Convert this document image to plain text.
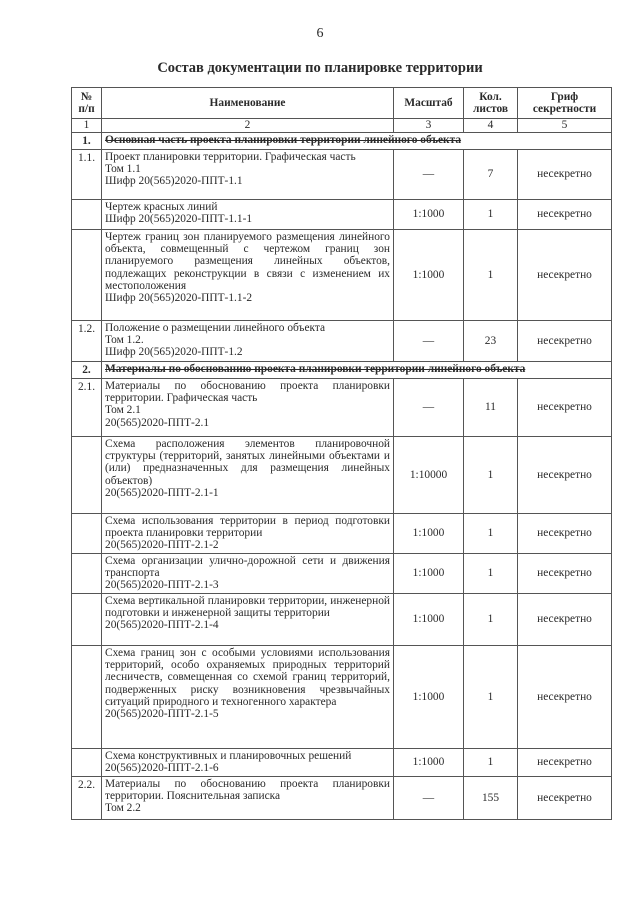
6
Состав документации по планировке территории
№ п/п	Наименование	Масштаб	Кол. листов	Гриф секретности
1	2	3	4	5
1.	Основная часть проекта планировки территории линейного объекта			
1.1.	Проект планировки территории. Графическая часть
Том 1.1
Шифр 20(565)2020-ППТ-1.1	—	7	несекретно

	Чертеж красных линий
Шифр 20(565)2020-ППТ-1.1-1	1:1000	1	несекретно

	Чертеж границ зон планируемого размещения линейного объекта, совмещенный с чертежом границ зон планируемого размещения линейных объектов, подлежащих реконструкции в связи с изменением их местоположения
Шифр 20(565)2020-ППТ-1.1-2	1:1000	1	несекретно
1.2.	Положение о размещении линейного объекта
Том 1.2.
Шифр 20(565)2020-ППТ-1.2	—	23	несекретно
2.	Материалы по обоснованию проекта планировки территории линейного объекта			
2.1.	Материалы по обоснованию проекта планировки территории. Графическая часть
Том 2.1
20(565)2020-ППТ-2.1	—	11	несекретно

	Схема расположения элементов планировочной структуры (территорий, занятых линейными объектами и (или) предназначенных для размещения линейных объектов)
20(565)2020-ППТ-2.1-1	1:10000	1	несекретно

	Схема использования территории в период подготовки проекта планировки территории
20(565)2020-ППТ-2.1-2	1:1000	1	несекретно

	Схема организации улично-дорожной сети и движения транспорта
20(565)2020-ППТ-2.1-3	1:1000	1	несекретно

	Схема вертикальной планировки территории, инженерной подготовки и инженерной защиты территории
20(565)2020-ППТ-2.1-4	1:1000	1	несекретно

	Схема границ зон с особыми условиями использования территорий, особо охраняемых природных территорий лесничеств, совмещенная со схемой границ территорий, подверженных риску возникновения чрезвычайных ситуаций природного и техногенного характера
20(565)2020-ППТ-2.1-5	1:1000	1	несекретно

	Схема конструктивных и планировочных решений
20(565)2020-ППТ-2.1-6	1:1000	1	несекретно
2.2.	Материалы по обоснованию проекта планировки территории. Пояснительная записка
Том 2.2	—	155	несекретно
